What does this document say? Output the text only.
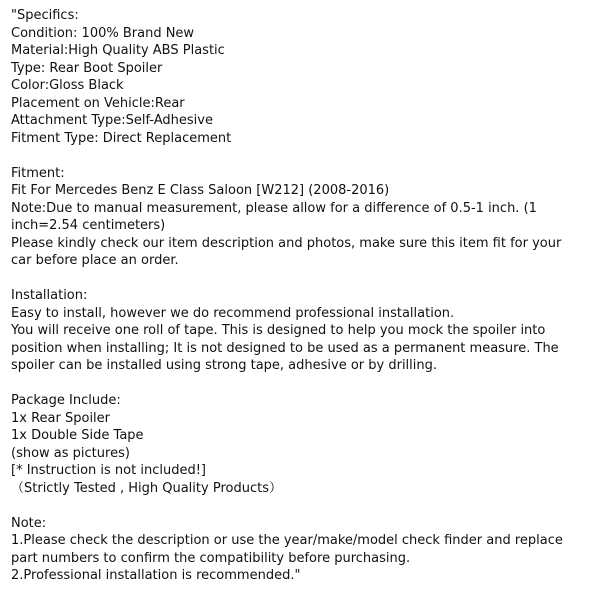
"Specifics:
Condition: 100% Brand New
Material:High Quality ABS Plastic
Type: Rear Boot Spoiler
Color:Gloss Black
Placement on Vehicle:Rear
Attachment Type:Self-Adhesive
Fitment Type: Direct Replacement
Fitment:
Fit For Mercedes Benz E Class Saloon [W212] (2008-2016)
Note:Due to manual measurement, please allow for a difference of 0.5-1 inch. (1
inch=2.54 centimeters)
Please kindly check our item description and photos, make sure this item fit for your
car before place an order.
Installation:
Easy to install, however we do recommend professional installation.
You will receive one roll of tape. This is designed to help you mock the spoiler into
position when installing; It is not designed to be used as a permanent measure. The
spoiler can be installed using strong tape, adhesive or by drilling.
Package Include:
1x Rear Spoiler
1x Double Side Tape
(show as pictures)
[* Instruction is not included!]
（Strictly Tested , High Quality Products）
Note:
1.Please check the description or use the year/make/model check finder and replace
part numbers to confirm the compatibility before purchasing.
2.Professional installation is recommended."
